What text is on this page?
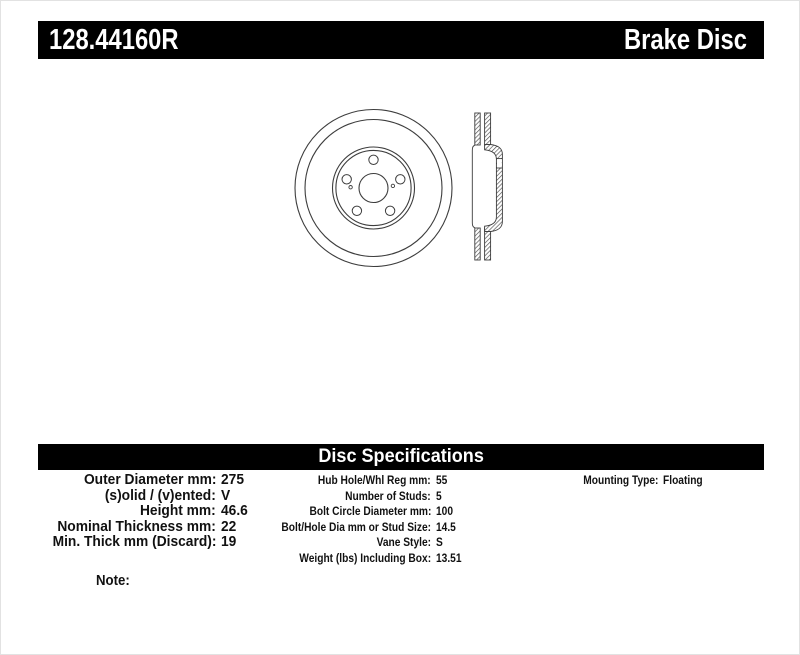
128.44160R	Brake Disc
Disc Specifications
Outer Diameter mm: 275
(s)olid / (v)ented: V
Height mm: 46.6
Nominal Thickness mm: 22
Min. Thick mm (Discard): 19
Hub Hole/Whl Reg mm: 55
Number of Studs: 5
Bolt Circle Diameter mm: 100
Bolt/Hole Dia mm or Stud Size: 14.5
Vane Style: S
Weight (lbs) Including Box: 13.51
Mounting Type: Floating
Note:
